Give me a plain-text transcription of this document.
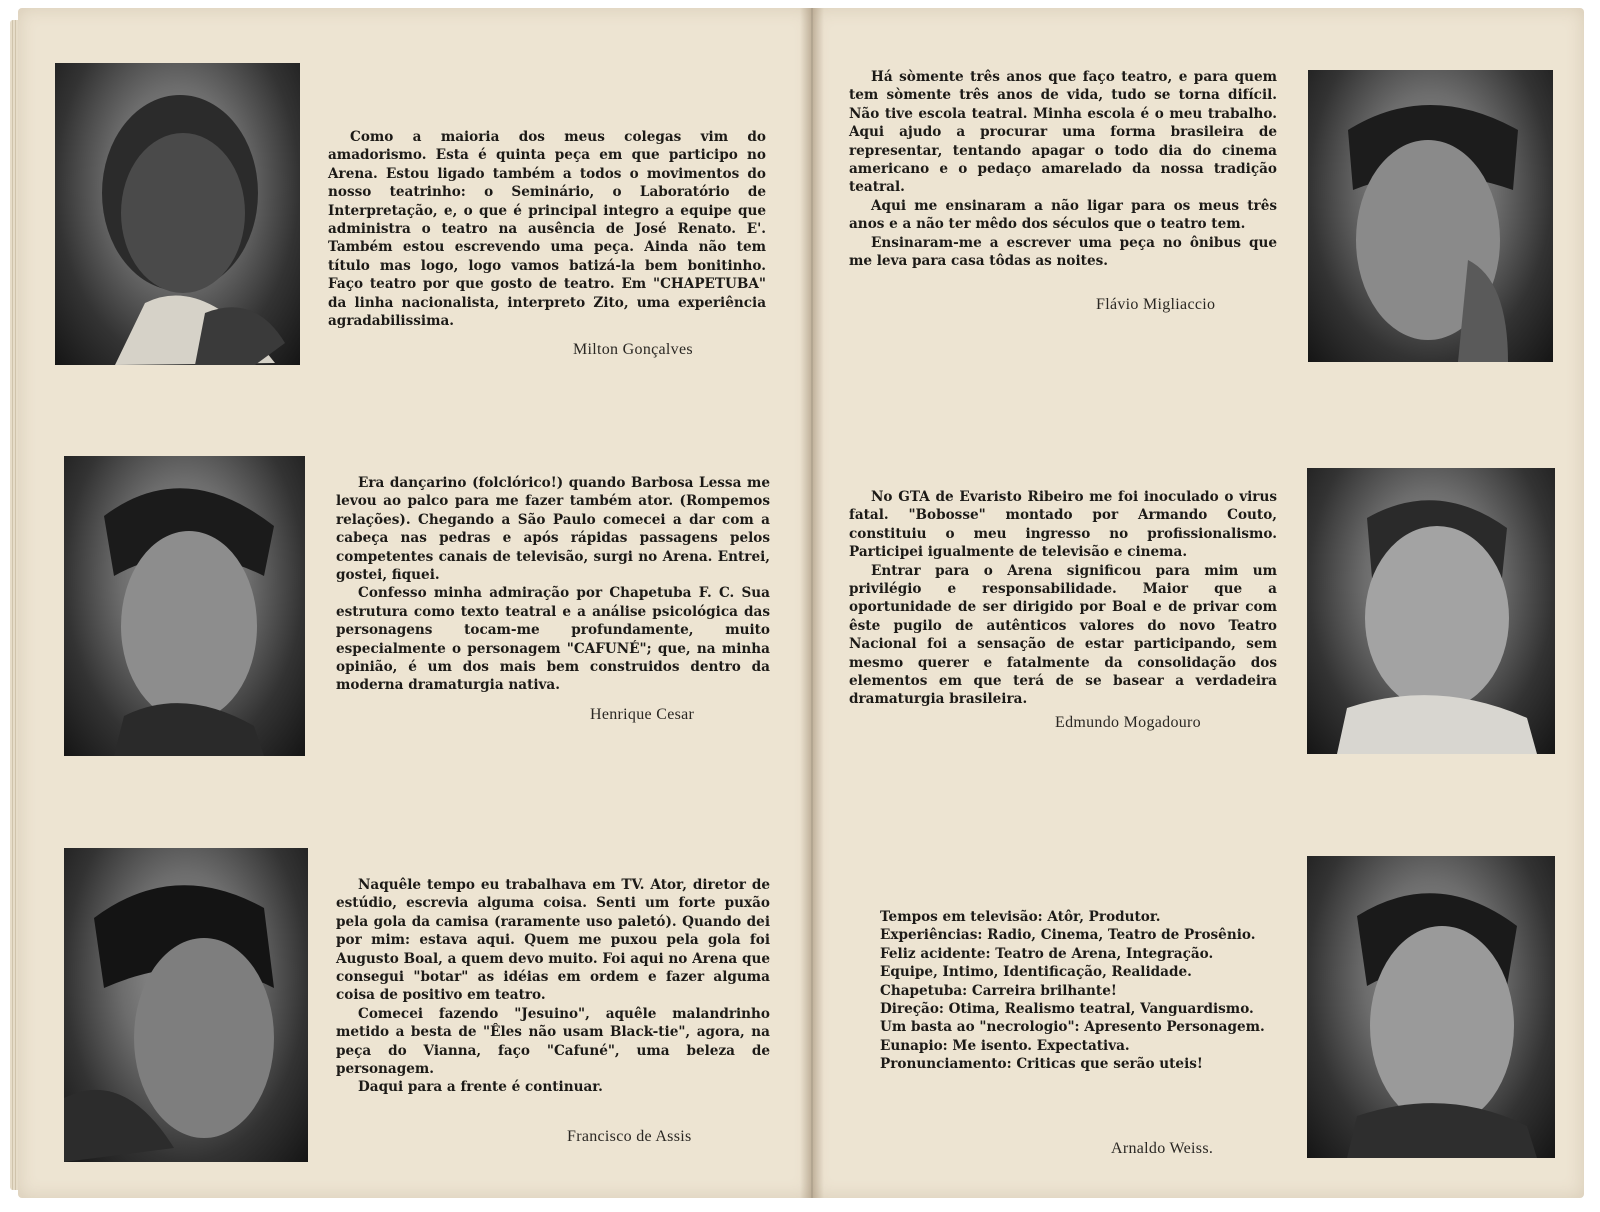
Como a maioria dos meus colegas vim do amadorismo. Esta é quinta peça em que participo no Arena. Estou ligado também a todos o movimentos do nosso teatrinho: o Seminário, o Laboratório de Interpretação, e, o que é principal integro a equipe que administra o teatro na ausência de José Renato. E'. Também estou escrevendo uma peça. Ainda não tem título mas logo, logo vamos batizá-la bem bonitinho. Faço teatro por que gosto de teatro. Em "CHAPETUBA" da linha nacionalista, interpreto Zito, uma experiência agradabilissima.

Milton Gonçalves

Era dançarino (folclórico!) quando Barbosa Lessa me levou ao palco para me fazer também ator. (Rompemos relações). Chegando a São Paulo comecei a dar com a cabeça nas pedras e após rápidas passagens pelos competentes canais de televisão, surgi no Arena. Entrei, gostei, fiquei.

Confesso minha admiração por Chapetuba F. C. Sua estrutura como texto teatral e a análise psicológica das personagens tocam-me profundamente, muito especialmente o personagem "CAFUNÉ"; que, na minha opinião, é um dos mais bem construidos dentro da moderna dramaturgia nativa.

Henrique Cesar

Naquêle tempo eu trabalhava em TV. Ator, diretor de estúdio, escrevia alguma coisa. Senti um forte puxão pela gola da camisa (raramente uso paletó). Quando dei por mim: estava aqui. Quem me puxou pela gola foi Augusto Boal, a quem devo muito. Foi aqui no Arena que consegui "botar" as idéias em ordem e fazer alguma coisa de positivo em teatro.

Comecei fazendo "Jesuino", aquêle malandrinho metido a besta de "Êles não usam Black-tie", agora, na peça do Vianna, faço "Cafuné", uma beleza de personagem.

Daqui para a frente é continuar.

Francisco de Assis

Há sòmente três anos que faço teatro, e para quem tem sòmente três anos de vida, tudo se torna difícil. Não tive escola teatral. Minha escola é o meu trabalho. Aqui ajudo a procurar uma forma brasileira de representar, tentando apagar o todo dia do cinema americano e o pedaço amarelado da nossa tradição teatral.

Aqui me ensinaram a não ligar para os meus três anos e a não ter mêdo dos séculos que o teatro tem.

Ensinaram-me a escrever uma peça no ônibus que me leva para casa tôdas as noites.

Flávio Migliaccio

No GTA de Evaristo Ribeiro me foi inoculado o virus fatal. "Bobosse" montado por Armando Couto, constituiu o meu ingresso no profissionalismo. Participei igualmente de televisão e cinema.

Entrar para o Arena significou para mim um privilégio e responsabilidade. Maior que a oportunidade de ser dirigido por Boal e de privar com êste pugilo de autênticos valores do novo Teatro Nacional foi a sensação de estar participando, sem mesmo querer e fatalmente da consolidação dos elementos em que terá de se basear a verdadeira dramaturgia brasileira.

Edmundo Mogadouro

Tempos em televisão: Atôr, Produtor.

Experiências: Radio, Cinema, Teatro de Prosênio.

Feliz acidente: Teatro de Arena, Integração.

Equipe, Intimo, Identificação, Realidade.

Chapetuba: Carreira brilhante!

Direção: Otima, Realismo teatral, Vanguardismo.

Um basta ao "necrologio": Apresento Personagem.

Eunapio: Me isento. Expectativa.

Pronunciamento: Criticas que serão uteis!

Arnaldo Weiss.
